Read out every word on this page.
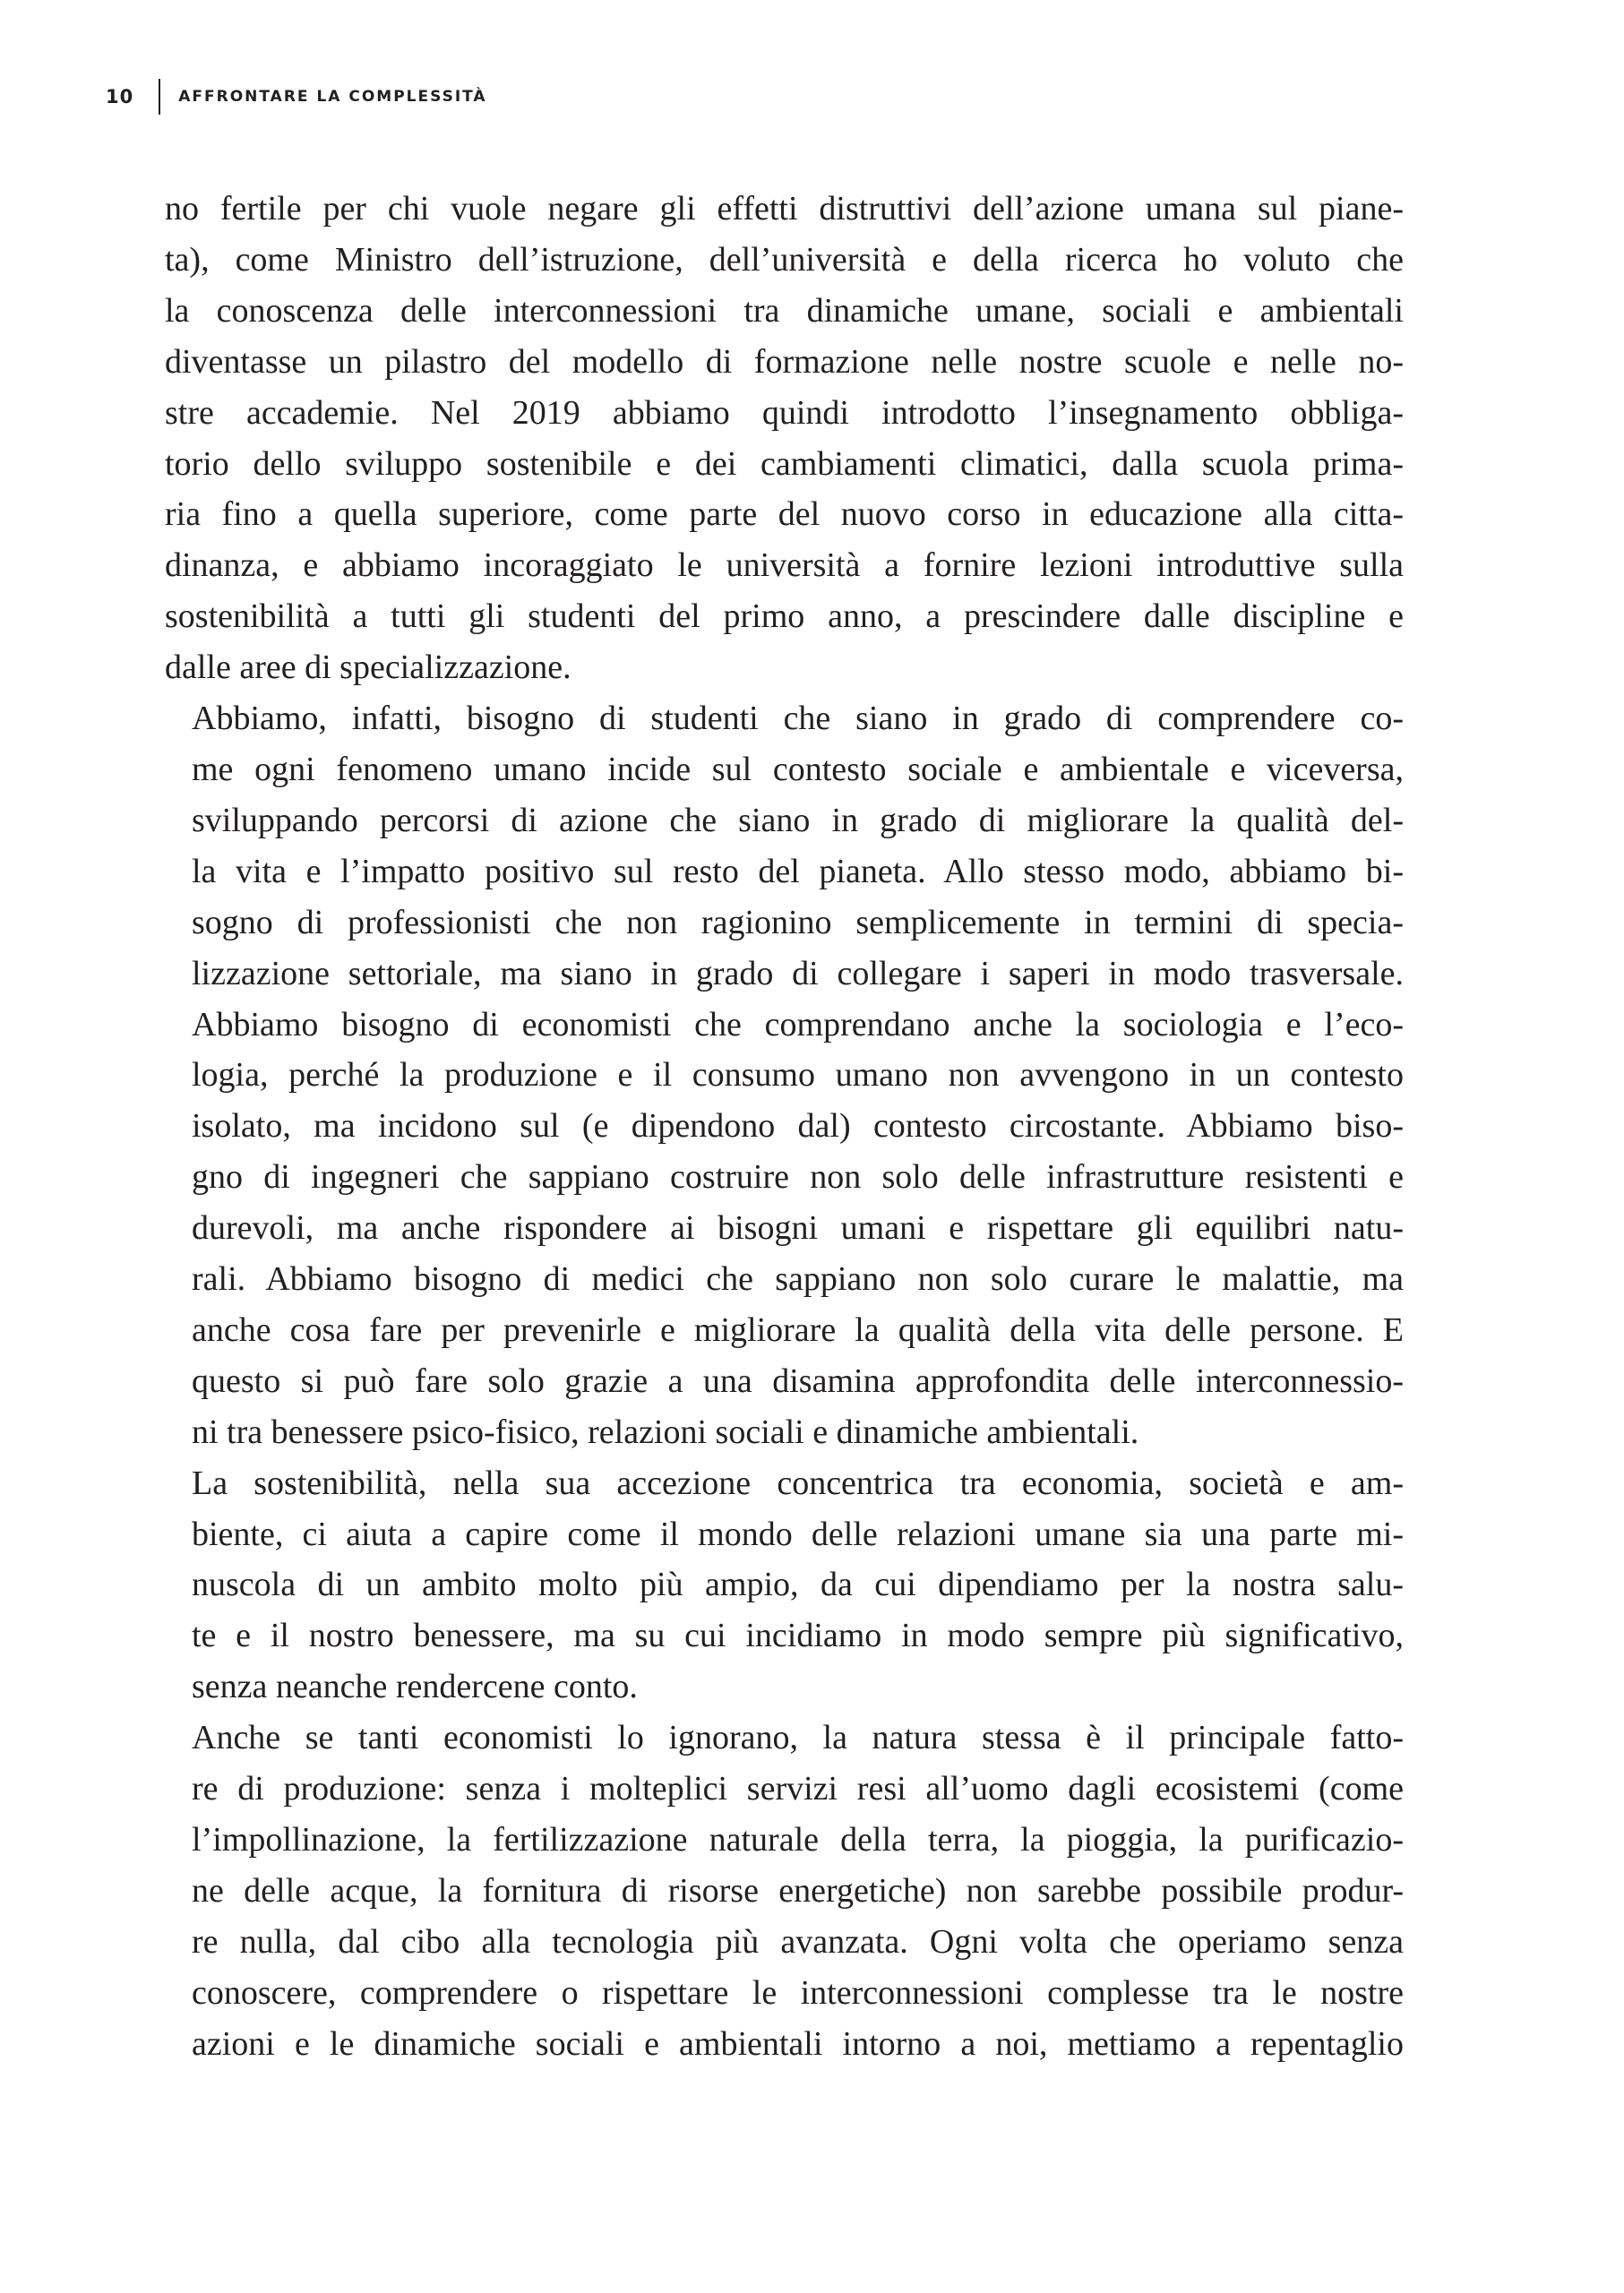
10	AFFRONTARE LA COMPLESSITÀ

no fertile per chi vuole negare gli effetti distruttivi dell’azione umana sul piane-
ta), come Ministro dell’istruzione, dell’università e della ricerca ho voluto che
la conoscenza delle interconnessioni tra dinamiche umane, sociali e ambientali
diventasse un pilastro del modello di formazione nelle nostre scuole e nelle no-
stre accademie. Nel 2019 abbiamo quindi introdotto l’insegnamento obbliga-
torio dello sviluppo sostenibile e dei cambiamenti climatici, dalla scuola prima-
ria fino a quella superiore, come parte del nuovo corso in educazione alla citta-
dinanza, e abbiamo incoraggiato le università a fornire lezioni introduttive sulla
sostenibilità a tutti gli studenti del primo anno, a prescindere dalle discipline e
dalle aree di specializzazione.

Abbiamo, infatti, bisogno di studenti che siano in grado di comprendere co-
me ogni fenomeno umano incide sul contesto sociale e ambientale e viceversa,
sviluppando percorsi di azione che siano in grado di migliorare la qualità del-
la vita e l’impatto positivo sul resto del pianeta. Allo stesso modo, abbiamo bi-
sogno di professionisti che non ragionino semplicemente in termini di specia-
lizzazione settoriale, ma siano in grado di collegare i saperi in modo trasversale.
Abbiamo bisogno di economisti che comprendano anche la sociologia e l’eco-
logia, perché la produzione e il consumo umano non avvengono in un contesto
isolato, ma incidono sul (e dipendono dal) contesto circostante. Abbiamo biso-
gno di ingegneri che sappiano costruire non solo delle infrastrutture resistenti e
durevoli, ma anche rispondere ai bisogni umani e rispettare gli equilibri natu-
rali. Abbiamo bisogno di medici che sappiano non solo curare le malattie, ma
anche cosa fare per prevenirle e migliorare la qualità della vita delle persone. E
questo si può fare solo grazie a una disamina approfondita delle interconnessio-
ni tra benessere psico-fisico, relazioni sociali e dinamiche ambientali.

La sostenibilità, nella sua accezione concentrica tra economia, società e am-
biente, ci aiuta a capire come il mondo delle relazioni umane sia una parte mi-
nuscola di un ambito molto più ampio, da cui dipendiamo per la nostra salu-
te e il nostro benessere, ma su cui incidiamo in modo sempre più significativo,
senza neanche rendercene conto.

Anche se tanti economisti lo ignorano, la natura stessa è il principale fatto-
re di produzione: senza i molteplici servizi resi all’uomo dagli ecosistemi (come
l’impollinazione, la fertilizzazione naturale della terra, la pioggia, la purificazio-
ne delle acque, la fornitura di risorse energetiche) non sarebbe possibile produr-
re nulla, dal cibo alla tecnologia più avanzata. Ogni volta che operiamo senza
conoscere, comprendere o rispettare le interconnessioni complesse tra le nostre
azioni e le dinamiche sociali e ambientali intorno a noi, mettiamo a repentaglio
